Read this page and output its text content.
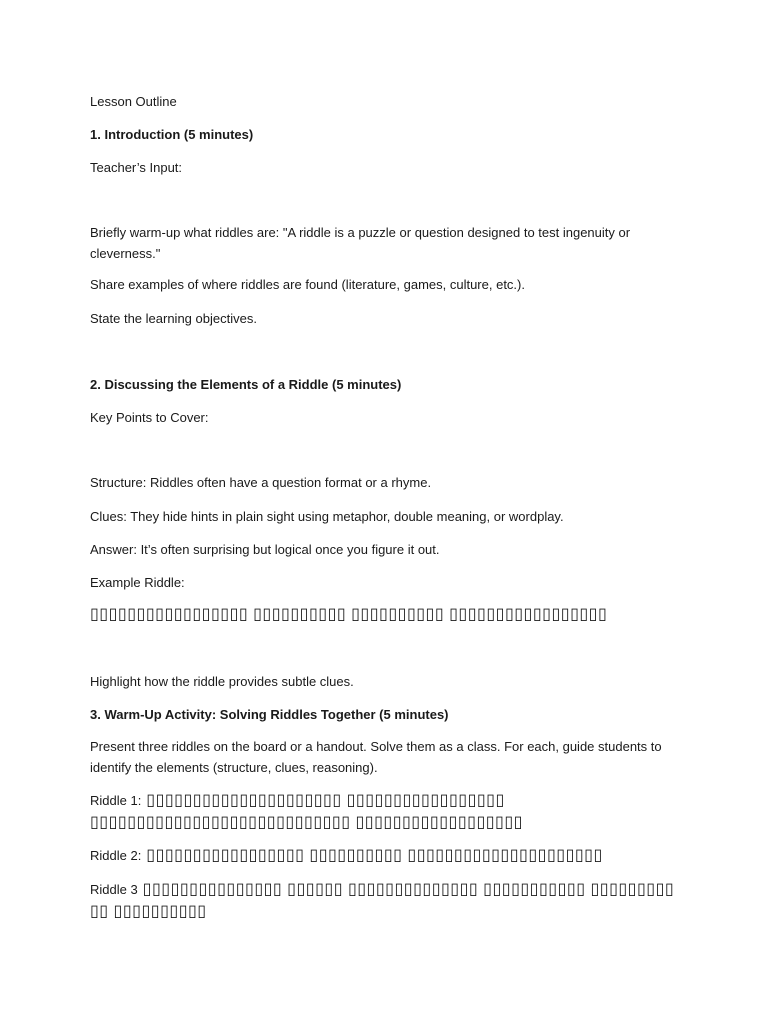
Lesson Outline
1. Introduction (5 minutes)
Teacher’s Input:
Briefly warm-up what riddles are: "A riddle is a puzzle or question designed to test ingenuity or cleverness."
Share examples of where riddles are found (literature, games, culture, etc.).
State the learning objectives.
2. Discussing the Elements of a Riddle (5 minutes)
Key Points to Cover:
Structure: Riddles often have a question format or a rhyme.
Clues: They hide hints in plain sight using metaphor, double meaning, or wordplay.
Answer: It’s often surprising but logical once you figure it out.
Example Riddle:
▯▯▯▯▯▯▯▯▯▯▯▯▯▯▯▯▯ ▯▯▯▯▯▯▯▯▯▯ ▯▯▯▯▯▯▯▯▯▯ ▯▯▯▯▯▯▯▯▯▯▯▯▯▯▯▯▯
Highlight how the riddle provides subtle clues.
3. Warm-Up Activity: Solving Riddles Together (5 minutes)
Present three riddles on the board or a handout. Solve them as a class. For each, guide students to identify the elements (structure, clues, reasoning).
Riddle 1: ▯▯▯▯▯▯▯▯▯▯▯▯▯▯▯▯▯▯▯▯▯ ▯▯▯▯▯▯▯▯▯▯▯▯▯▯▯▯▯ ▯▯▯▯▯▯▯▯▯▯▯▯▯▯▯▯▯▯▯▯▯▯▯▯▯▯▯▯ ▯▯▯▯▯▯▯▯▯▯▯▯▯▯▯▯▯▯
Riddle 2: ▯▯▯▯▯▯▯▯▯▯▯▯▯▯▯▯▯ ▯▯▯▯▯▯▯▯▯▯ ▯▯▯▯▯▯▯▯▯▯▯▯▯▯▯▯▯▯▯▯▯
Riddle 3 ▯▯▯▯▯▯▯▯▯▯▯▯▯▯▯ ▯▯▯▯▯▯ ▯▯▯▯▯▯▯▯▯▯▯▯▯▯ ▯▯▯▯▯▯▯▯▯▯▯ ▯▯▯▯▯▯▯▯▯ ▯▯ ▯▯▯▯▯▯▯▯▯▯
